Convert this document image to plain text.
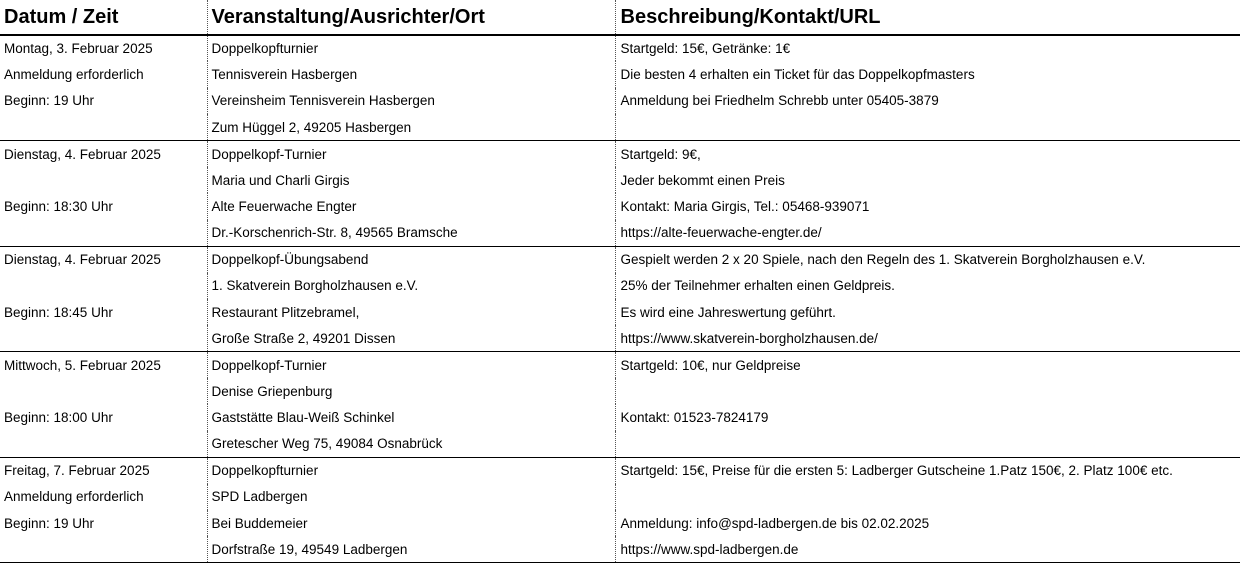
Datum / Zeit	Veranstaltung/Ausrichter/Ort	Beschreibung/Kontakt/URL
Montag, 3. Februar 2025	Doppelkopfturnier	Startgeld: 15€, Getränke: 1€
Anmeldung erforderlich	Tennisverein Hasbergen	Die besten 4 erhalten ein Ticket für das Doppelkopfmasters
Beginn: 19 Uhr	Vereinsheim Tennisverein Hasbergen	Anmeldung bei Friedhelm Schrebb unter 05405-3879
	Zum Hüggel 2, 49205 Hasbergen	
Dienstag, 4. Februar 2025	Doppelkopf-Turnier	Startgeld: 9€,
	Maria und Charli Girgis	Jeder bekommt einen Preis
Beginn: 18:30 Uhr	Alte Feuerwache Engter	Kontakt: Maria Girgis, Tel.: 05468-939071
	Dr.-Korschenrich-Str. 8, 49565 Bramsche	https://alte-feuerwache-engter.de/
Dienstag, 4. Februar 2025	Doppelkopf-Übungsabend	Gespielt werden 2 x 20 Spiele, nach den Regeln des 1. Skatverein Borgholzhausen e.V.
	1. Skatverein Borgholzhausen e.V.	25% der Teilnehmer erhalten einen Geldpreis.
Beginn: 18:45 Uhr	Restaurant Plitzebramel,	Es wird eine Jahreswertung geführt.
	Große Straße 2, 49201 Dissen	https://www.skatverein-borgholzhausen.de/
Mittwoch, 5. Februar 2025	Doppelkopf-Turnier	Startgeld: 10€, nur Geldpreise
	Denise Griepenburg	
Beginn: 18:00 Uhr	Gaststätte Blau-Weiß Schinkel	Kontakt: 01523-7824179
	Gretescher Weg 75, 49084 Osnabrück	
Freitag, 7. Februar 2025	Doppelkopfturnier	Startgeld: 15€, Preise für die ersten 5: Ladberger Gutscheine 1.Patz 150€, 2. Platz 100€ etc.
Anmeldung erforderlich	SPD Ladbergen	
Beginn: 19 Uhr	Bei Buddemeier	Anmeldung: info@spd-ladbergen.de bis 02.02.2025
	Dorfstraße 19, 49549 Ladbergen	https://www.spd-ladbergen.de
